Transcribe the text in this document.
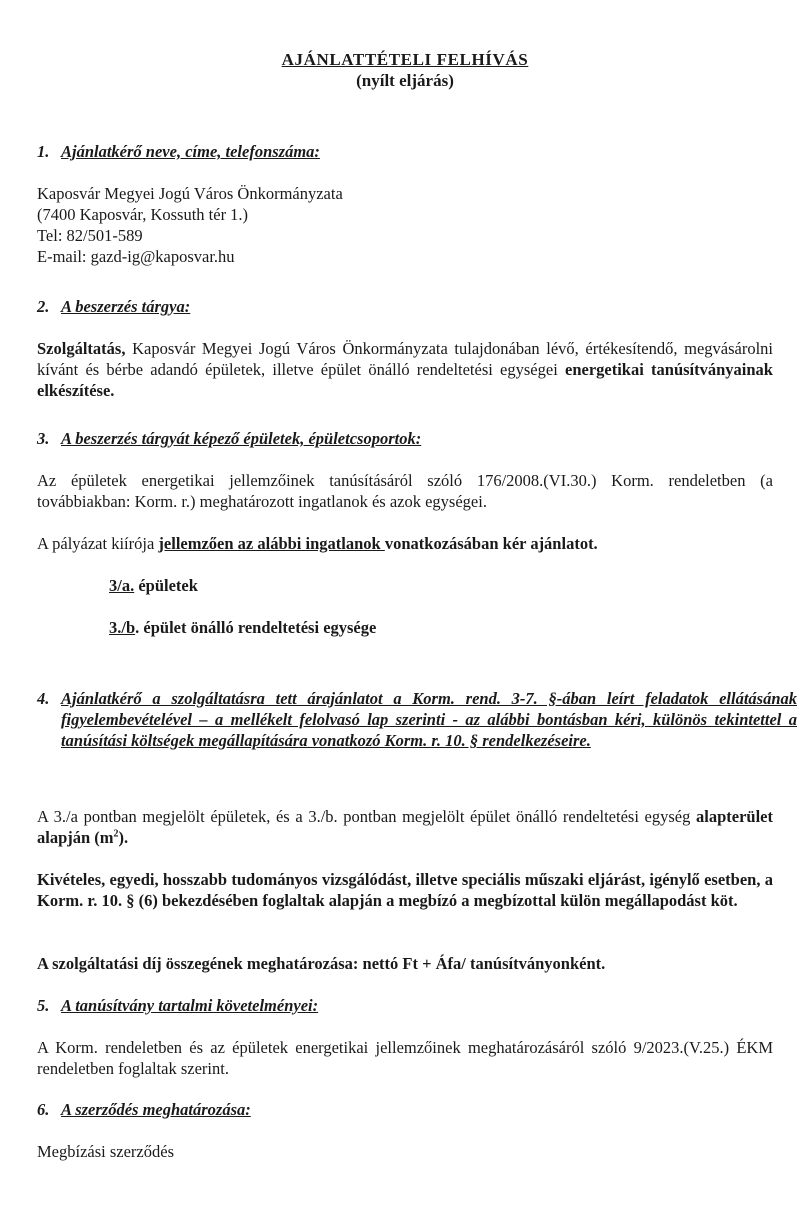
AJÁNLATTÉTELI FELHÍVÁS
(nyílt eljárás)
1. Ajánlatkérő neve, címe, telefonszáma:
Kaposvár Megyei Jogú Város Önkormányzata
(7400 Kaposvár, Kossuth tér 1.)
Tel: 82/501-589
E-mail: gazd-ig@kaposvar.hu
2. A beszerzés tárgya:
Szolgáltatás, Kaposvár Megyei Jogú Város Önkormányzata tulajdonában lévő, értékesítendő, megvásárolni kívánt és bérbe adandó épületek, illetve épület önálló rendeltetési egységei energetikai tanúsítványainak elkészítése.
3. A beszerzés tárgyát képező épületek, épületcsoportok:
Az épületek energetikai jellemzőinek tanúsításáról szóló 176/2008.(VI.30.) Korm. rendeletben (a továbbiakban: Korm. r.) meghatározott ingatlanok és azok egységei.
A pályázat kiírója jellemzően az alábbi ingatlanok vonatkozásában kér ajánlatot.
3/a. épületek
3./b. épület önálló rendeltetési egysége
4. Ajánlatkérő a szolgáltatásra tett árajánlatot a Korm. rend. 3-7. §-ában leírt feladatok ellátásának figyelembevételével – a mellékelt felolvasó lap szerinti - az alábbi bontásban kéri, különös tekintettel a tanúsítási költségek megállapítására vonatkozó Korm. r. 10. § rendelkezéseire.
A 3./a pontban megjelölt épületek, és a 3./b. pontban megjelölt épület önálló rendeltetési egység alapterület alapján $(m^2)$.
Kivételes, egyedi, hosszabb tudományos vizsgálódást, illetve speciális műszaki eljárást, igénylő esetben, a Korm. r. 10. § (6) bekezdésében foglaltak alapján a megbízó a megbízottal külön megállapodást köt.
A szolgáltatási díj összegének meghatározása: nettó Ft + Áfa/ tanúsítványonként.
5. A tanúsítvány tartalmi követelményei:
A Korm. rendeletben és az épületek energetikai jellemzőinek meghatározásáról szóló 9/2023.(V.25.) ÉKM rendeletben foglaltak szerint.
6. A szerződés meghatározása:
Megbízási szerződés
